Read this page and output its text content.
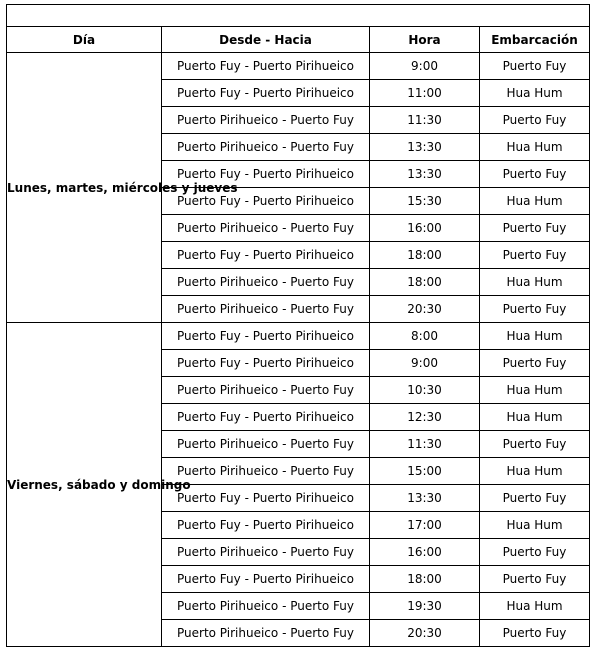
Día	Desde - Hacia	Hora	Embarcación
Lunes, martes, miércoles y jueves	Puerto Fuy - Puerto Pirihueico	9:00	Puerto Fuy
	Puerto Fuy - Puerto Pirihueico	11:00	Hua Hum
	Puerto Pirihueico - Puerto Fuy	11:30	Puerto Fuy
	Puerto Pirihueico - Puerto Fuy	13:30	Hua Hum
	Puerto Fuy - Puerto Pirihueico	13:30	Puerto Fuy
	Puerto Fuy - Puerto Pirihueico	15:30	Hua Hum
	Puerto Pirihueico - Puerto Fuy	16:00	Puerto Fuy
	Puerto Fuy - Puerto Pirihueico	18:00	Puerto Fuy
	Puerto Pirihueico - Puerto Fuy	18:00	Hua Hum
	Puerto Pirihueico - Puerto Fuy	20:30	Puerto Fuy
Viernes, sábado y domingo	Puerto Fuy - Puerto Pirihueico	8:00	Hua Hum
	Puerto Fuy - Puerto Pirihueico	9:00	Puerto Fuy
	Puerto Pirihueico - Puerto Fuy	10:30	Hua Hum
	Puerto Fuy - Puerto Pirihueico	12:30	Hua Hum
	Puerto Pirihueico - Puerto Fuy	11:30	Puerto Fuy
	Puerto Pirihueico - Puerto Fuy	15:00	Hua Hum
	Puerto Fuy - Puerto Pirihueico	13:30	Puerto Fuy
	Puerto Fuy - Puerto Pirihueico	17:00	Hua Hum
	Puerto Pirihueico - Puerto Fuy	16:00	Puerto Fuy
	Puerto Fuy - Puerto Pirihueico	18:00	Puerto Fuy
	Puerto Pirihueico - Puerto Fuy	19:30	Hua Hum
	Puerto Pirihueico - Puerto Fuy	20:30	Puerto Fuy
